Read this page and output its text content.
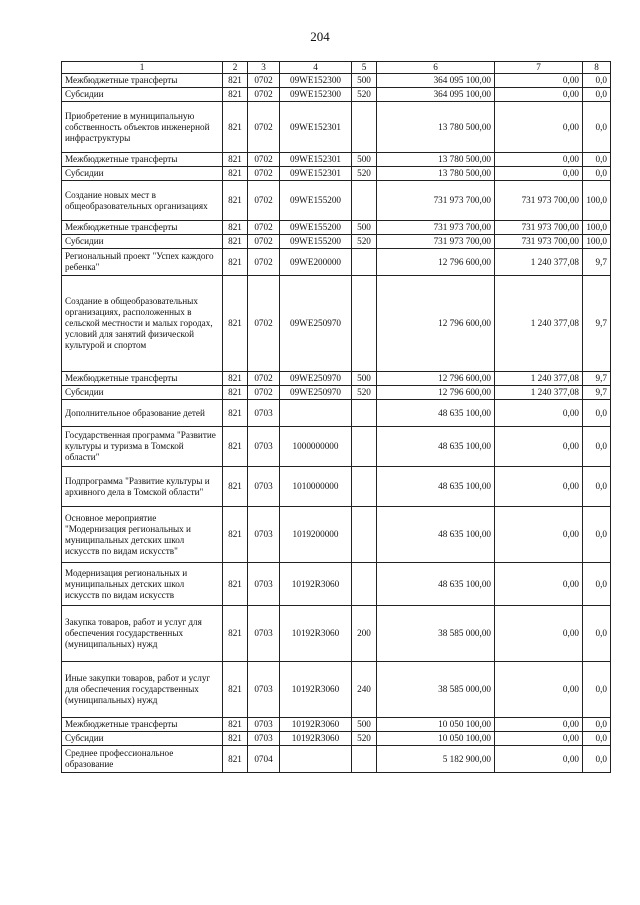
204
1	2	3	4	5	6	7	8
Межбюджетные трансферты	821	0702	09WE152300	500	364 095 100,00	0,00	0,0
Субсидии	821	0702	09WE152300	520	364 095 100,00	0,00	0,0
Приобретение в муниципальную собственность объектов инженерной инфраструктуры	821	0702	09WE152301		13 780 500,00	0,00	0,0
Межбюджетные трансферты	821	0702	09WE152301	500	13 780 500,00	0,00	0,0
Субсидии	821	0702	09WE152301	520	13 780 500,00	0,00	0,0
Создание новых мест в общеобразовательных организациях	821	0702	09WE155200		731 973 700,00	731 973 700,00	100,0
Межбюджетные трансферты	821	0702	09WE155200	500	731 973 700,00	731 973 700,00	100,0
Субсидии	821	0702	09WE155200	520	731 973 700,00	731 973 700,00	100,0
Региональный проект "Успех каждого ребенка"	821	0702	09WE200000		12 796 600,00	1 240 377,08	9,7
Создание в общеобразовательных организациях, расположенных в сельской местности и малых городах, условий для занятий физической культурой и спортом	821	0702	09WE250970		12 796 600,00	1 240 377,08	9,7
Межбюджетные трансферты	821	0702	09WE250970	500	12 796 600,00	1 240 377,08	9,7
Субсидии	821	0702	09WE250970	520	12 796 600,00	1 240 377,08	9,7
Дополнительное образование детей	821	0703			48 635 100,00	0,00	0,0
Государственная программа "Развитие культуры и туризма в Томской области"	821	0703	1000000000		48 635 100,00	0,00	0,0
Подпрограмма "Развитие культуры и архивного дела в Томской области"	821	0703	1010000000		48 635 100,00	0,00	0,0
Основное мероприятие "Модернизация региональных и муниципальных детских школ искусств по видам искусств"	821	0703	1019200000		48 635 100,00	0,00	0,0
Модернизация региональных и муниципальных детских школ искусств по видам искусств	821	0703	10192R3060		48 635 100,00	0,00	0,0
Закупка товаров, работ и услуг для обеспечения государственных (муниципальных) нужд	821	0703	10192R3060	200	38 585 000,00	0,00	0,0
Иные закупки товаров, работ и услуг для обеспечения государственных (муниципальных) нужд	821	0703	10192R3060	240	38 585 000,00	0,00	0,0
Межбюджетные трансферты	821	0703	10192R3060	500	10 050 100,00	0,00	0,0
Субсидии	821	0703	10192R3060	520	10 050 100,00	0,00	0,0
Среднее профессиональное образование	821	0704			5 182 900,00	0,00	0,0
